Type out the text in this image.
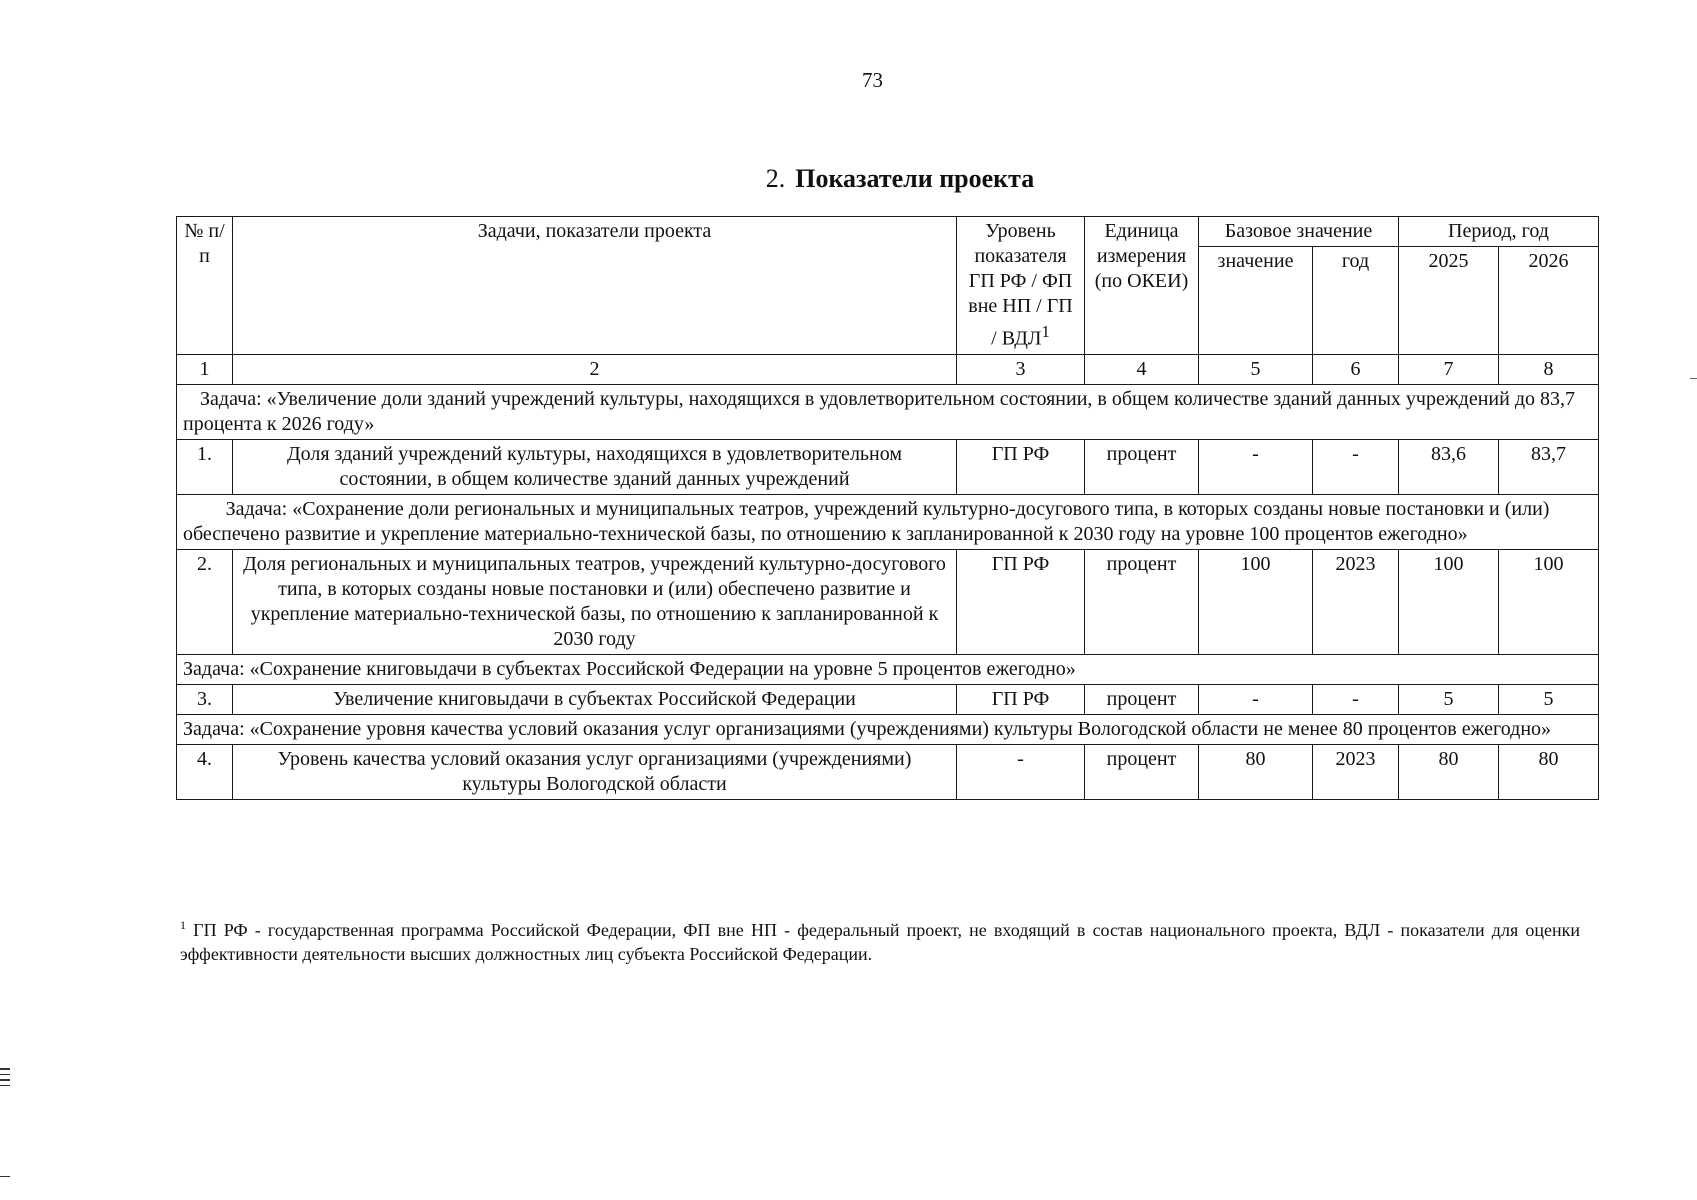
73
2. Показатели проекта
№ п/п	Задачи, показатели проекта	Уровень показателя ГП РФ / ФП вне НП / ГП / ВДЛ$^1$	Единица измерения (по ОКЕИ)	Базовое значение		Период, год	
				значение	год	2025	2026
1	2	3	4	5	6	7	8
Задача: «Увеличение доли зданий учреждений культуры, находящихся в удовлетворительном состоянии, в общем количестве зданий данных учреждений до 83,7 процента к 2026 году»							
1.	Доля зданий учреждений культуры, находящихся в удовлетворительном состоянии, в общем количестве зданий данных учреждений	ГП РФ	процент	-	-	83,6	83,7
Задача: «Сохранение доли региональных и муниципальных театров, учреждений культурно-досугового типа, в которых созданы новые постановки и (или) обеспечено развитие и укрепление материально-технической базы, по отношению к запланированной к 2030 году на уровне 100 процентов ежегодно»							
2.	Доля региональных и муниципальных театров, учреждений культурно-досугового типа, в которых созданы новые постановки и (или) обеспечено развитие и укрепление материально-технической базы, по отношению к запланированной к 2030 году	ГП РФ	процент	100	2023	100	100
Задача: «Сохранение книговыдачи в субъектах Российской Федерации на уровне 5 процентов ежегодно»							
3.	Увеличение книговыдачи в субъектах Российской Федерации	ГП РФ	процент	-	-	5	5
Задача: «Сохранение уровня качества условий оказания услуг организациями (учреждениями) культуры Вологодской области не менее 80 процентов ежегодно»							
4.	Уровень качества условий оказания услуг организациями (учреждениями) культуры Вологодской области	-	процент	80	2023	80	80
$^1$ ГП РФ - государственная программа Российской Федерации, ФП вне НП - федеральный проект, не входящий в состав национального проекта, ВДЛ - показатели для оценки эффективности деятельности высших должностных лиц субъекта Российской Федерации.
